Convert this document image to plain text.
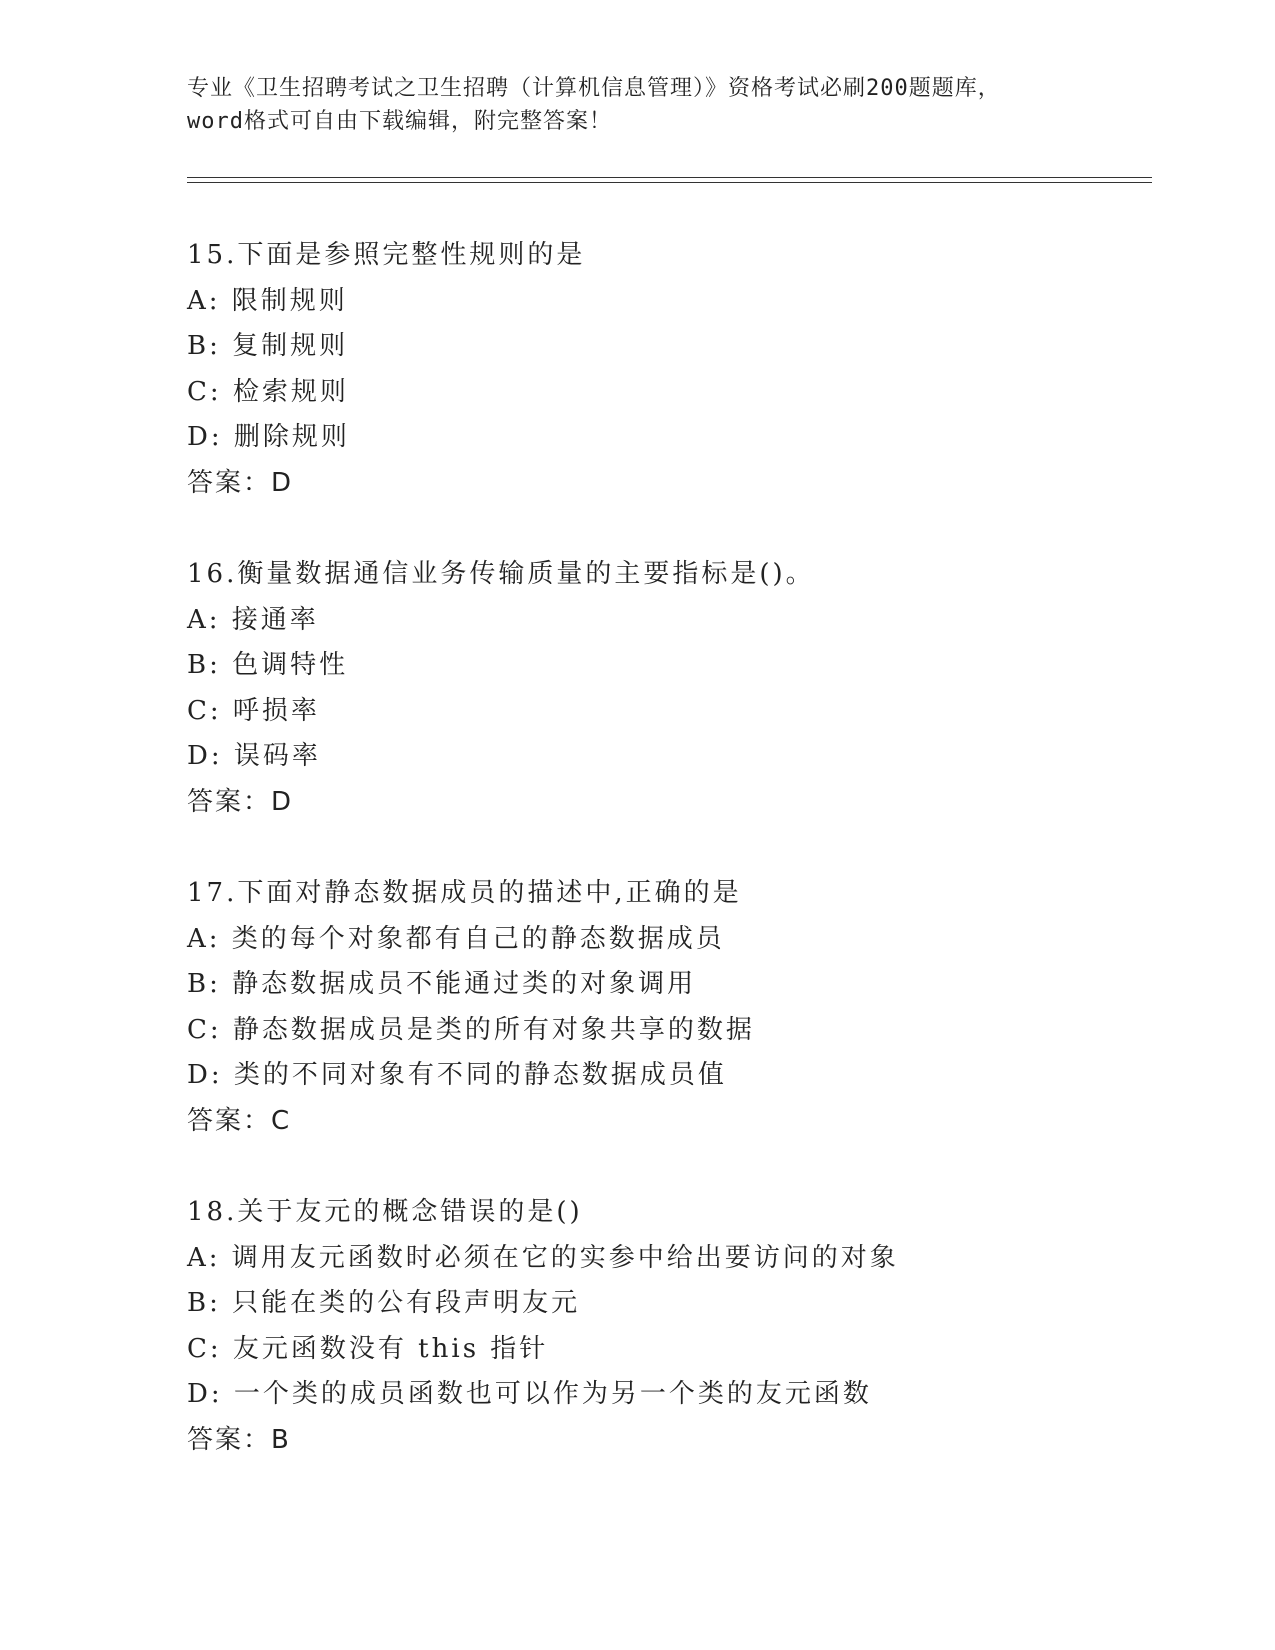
专业《卫生招聘考试之卫生招聘（计算机信息管理）》资格考试必刷200题题库，
word格式可自由下载编辑，附完整答案！
15.下面是参照完整性规则的是
A: 限制规则
B: 复制规则
C: 检索规则
D: 删除规则
答案：D
16.衡量数据通信业务传输质量的主要指标是()。
A: 接通率
B: 色调特性
C: 呼损率
D: 误码率
答案：D
17.下面对静态数据成员的描述中,正确的是
A: 类的每个对象都有自己的静态数据成员
B: 静态数据成员不能通过类的对象调用
C: 静态数据成员是类的所有对象共享的数据
D: 类的不同对象有不同的静态数据成员值
答案：C
18.关于友元的概念错误的是()
A: 调用友元函数时必须在它的实参中给出要访问的对象
B: 只能在类的公有段声明友元
C: 友元函数没有 this 指针
D: 一个类的成员函数也可以作为另一个类的友元函数
答案：B
